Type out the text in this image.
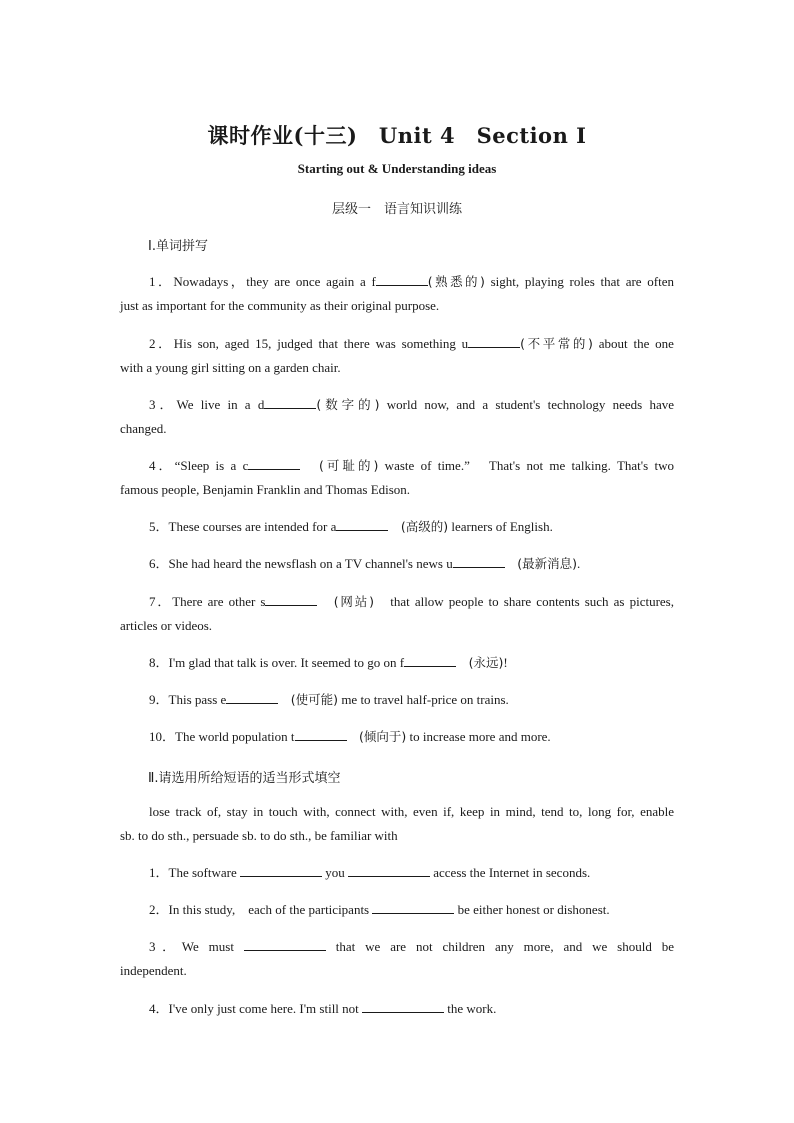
课时作业(十三)　Unit 4　Section Ⅰ
Starting out & Understanding ideas
层级一　语言知识训练
Ⅰ.单词拼写
1．Nowadays，they are once again a f	(熟悉的) sight, playing roles that are often
just as important for the community as their original purpose.
2．His son, aged 15, judged that there was something u	(不平常的) about the one
with a young girl sitting on a garden chair.
3．We live in a d	(数字的) world now, and a student's technology needs have
changed.
4．“Sleep is a c	　(可耻的) waste of time.”　That's not me talking. That's two
famous people, Benjamin Franklin and Thomas Edison.
5．These courses are intended for a	　(高级的) learners of English.
6．She had heard the newsflash on a TV channel's news u	　(最新消息).
7．There are other s	　(网站)　that allow people to share contents such as pictures,
articles or videos.
8．I'm glad that talk is over. It seemed to go on f	　(永远)!
9．This pass e	　(使可能) me to travel half-price on trains.
10．The world population t	　(倾向于) to increase more and more.
Ⅱ.请选用所给短语的适当形式填空
lose track of, stay in touch with, connect with, even if, keep in mind, tend to, long for, enable
sb. to do sth., persuade sb. to do sth., be familiar with
1．The software	you	access the Internet in seconds.
2．In this study,　each of the participants	be either honest or dishonest.
3．We must	that we are not children any more, and we should be
independent.
4．I've only just come here. I'm still not	the work.
